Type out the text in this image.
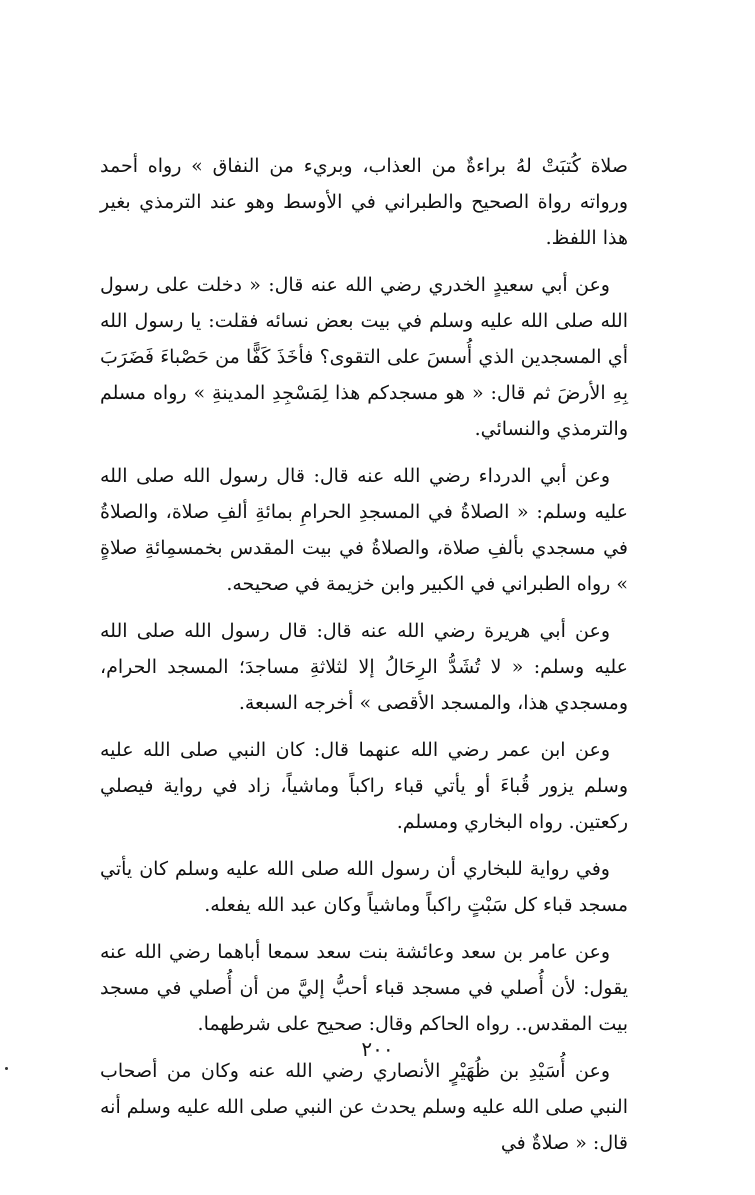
صلاة كُتبَتْ لهُ براءةٌ من العذاب، وبريء من النفاق » رواه أحمد ورواته رواة الصحيح والطبراني في الأوسط وهو عند الترمذي بغير هذا اللفظ.

وعن أبي سعيدٍ الخدري رضي الله عنه قال: « دخلت على رسول الله صلى الله عليه وسلم في بيت بعض نسائه فقلت: يا رسول الله أي المسجدين الذي أُسسَ على التقوى؟ فأخَذَ كَفًّا من حَصْباءَ فَضَرَبَ بِهِ الأرضَ ثم قال: « هو مسجدكم هذا لِمَسْجِدِ المدينةِ » رواه مسلم والترمذي والنسائي.

وعن أبي الدرداء رضي الله عنه قال: قال رسول الله صلى الله عليه وسلم: « الصلاةُ في المسجدِ الحرامِ بمائةِ ألفِ صلاة، والصلاةُ في مسجدي بألفِ صلاة، والصلاةُ في بيت المقدس بخمسمِائةِ صلاةٍ » رواه الطبراني في الكبير وابن خزيمة في صحيحه.

وعن أبي هريرة رضي الله عنه قال: قال رسول الله صلى الله عليه وسلم: « لا تُشَدُّ الرِحَالُ إلا لثلاثةِ مساجدَ؛ المسجد الحرام، ومسجدي هذا، والمسجد الأقصى » أخرجه السبعة.

وعن ابن عمر رضي الله عنهما قال: كان النبي صلى الله عليه وسلم يزور قُباءَ أو يأتي قباء راكباً وماشياً، زاد في رواية فيصلي ركعتين. رواه البخاري ومسلم.

وفي رواية للبخاري أن رسول الله صلى الله عليه وسلم كان يأتي مسجد قباء كل سَبْتٍ راكباً وماشياً وكان عبد الله يفعله.

وعن عامر بن سعد وعائشة بنت سعد سمعا أباهما رضي الله عنه يقول: لأن أُصلي في مسجد قباء أحبُّ إليَّ من أن أُصلي في مسجد بيت المقدس.. رواه الحاكم وقال: صحيح على شرطهما.

وعن أُسَيْدِ بن ظُهَيْرٍ الأنصاري رضي الله عنه وكان من أصحاب النبي صلى الله عليه وسلم يحدث عن النبي صلى الله عليه وسلم أنه قال: « صلاةٌ في

٢٠٠
